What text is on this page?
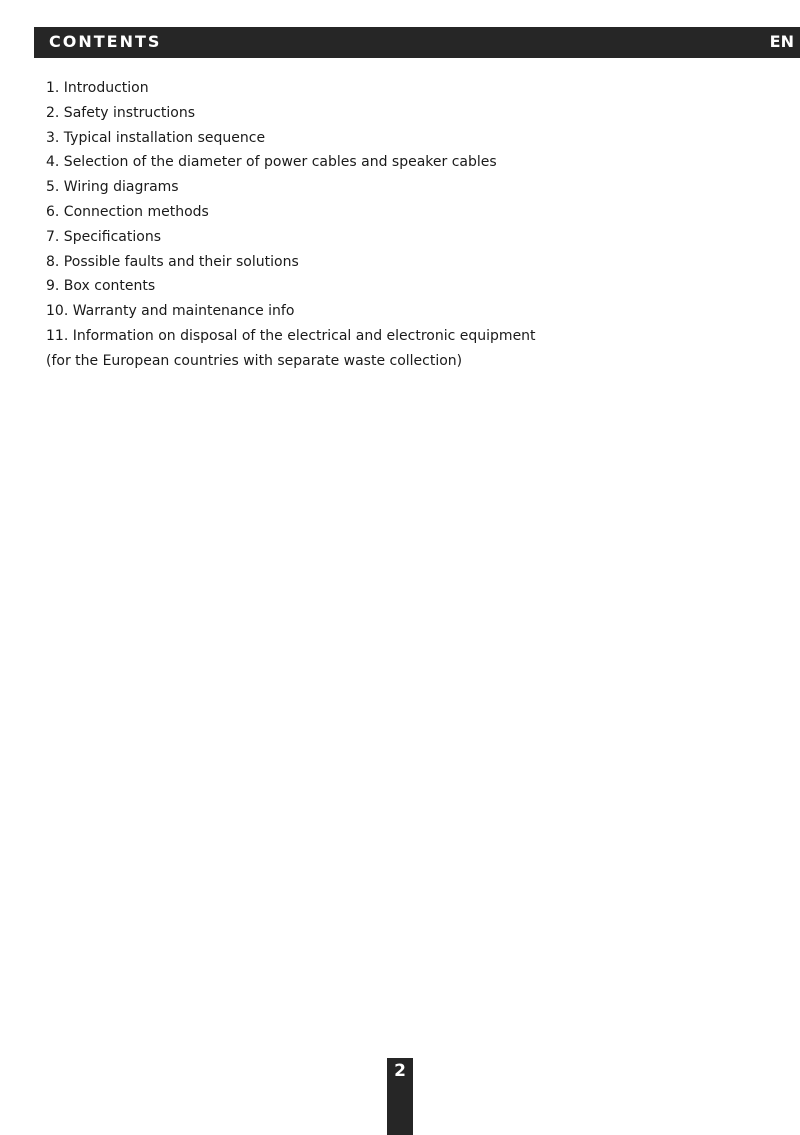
CONTENTS	EN
1. Introduction
2. Safety instructions
3. Typical installation sequence
4. Selection of the diameter of power cables and speaker cables
5. Wiring diagrams
6. Connection methods
7. Specifications
8. Possible faults and their solutions
9. Box contents
10. Warranty and maintenance info
11. Information on disposal of the electrical and electronic equipment
(for the European countries with separate waste collection)
2
